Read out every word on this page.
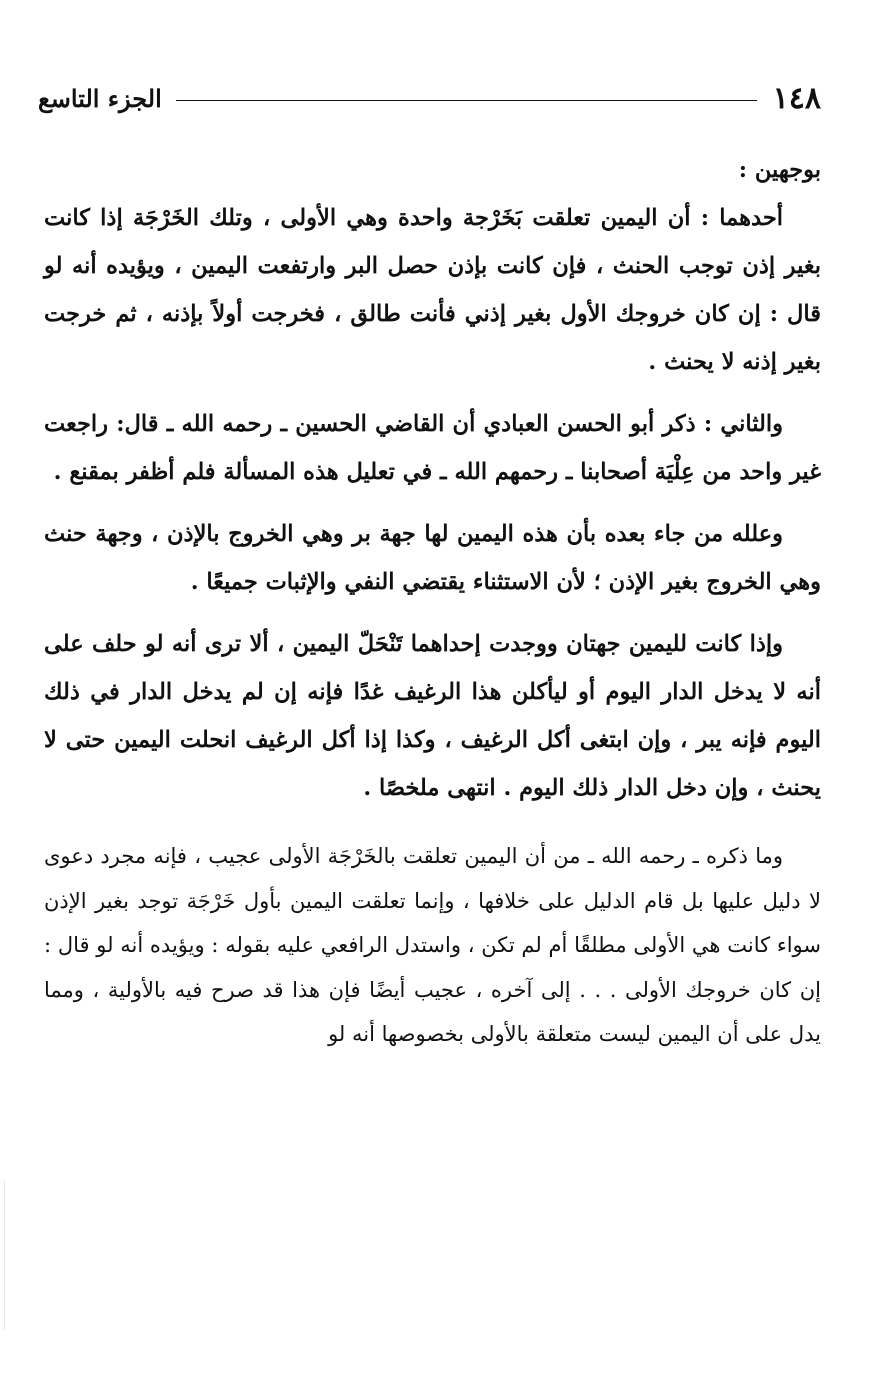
١٤٨
الجزء التاسع

بوجهين :

أحدهما : أن اليمين تعلقت بَخَرْجة واحدة وهي الأولى ، وتلك الخَرْجَة إذا كانت بغير إذن توجب الحنث ، فإن كانت بإذن حصل البر وارتفعت اليمين ، ويؤيده أنه لو قال : إن كان خروجك الأول بغير إذني فأنت طالق ، فخرجت أولاً بإذنه ، ثم خرجت بغير إذنه لا يحنث .

والثاني : ذكر أبو الحسن العبادي أن القاضي الحسين ـ رحمه الله ـ قال: راجعت غير واحد من عِلْيَة أصحابنا ـ رحمهم الله ـ في تعليل هذه المسألة فلم أظفر بمقنع .

وعلله من جاء بعده بأن هذه اليمين لها جهة بر وهي الخروج بالإذن ، وجهة حنث وهي الخروج بغير الإذن ؛ لأن الاستثناء يقتضي النفي والإثبات جميعًا .

وإذا كانت لليمين جهتان ووجدت إحداهما تَنْحَلّ اليمين ، ألا ترى أنه لو حلف على أنه لا يدخل الدار اليوم أو ليأكلن هذا الرغيف غدًا فإنه إن لم يدخل الدار في ذلك اليوم فإنه يبر ، وإن ابتغى أكل الرغيف ، وكذا إذا أكل الرغيف انحلت اليمين حتى لا يحنث ، وإن دخل الدار ذلك اليوم . انتهى ملخصًا .

وما ذكره ـ رحمه الله ـ من أن اليمين تعلقت بالخَرْجَة الأولى عجيب ، فإنه مجرد دعوى لا دليل عليها بل قام الدليل على خلافها ، وإنما تعلقت اليمين بأول خَرْجَة توجد بغير الإذن سواء كانت هي الأولى مطلقًا أم لم تكن ، واستدل الرافعي عليه بقوله : ويؤيده أنه لو قال : إن كان خروجك الأولى . . . إلى آخره ، عجيب أيضًا فإن هذا قد صرح فيه بالأولية ، ومما يدل على أن اليمين ليست متعلقة بالأولى بخصوصها أنه لو
